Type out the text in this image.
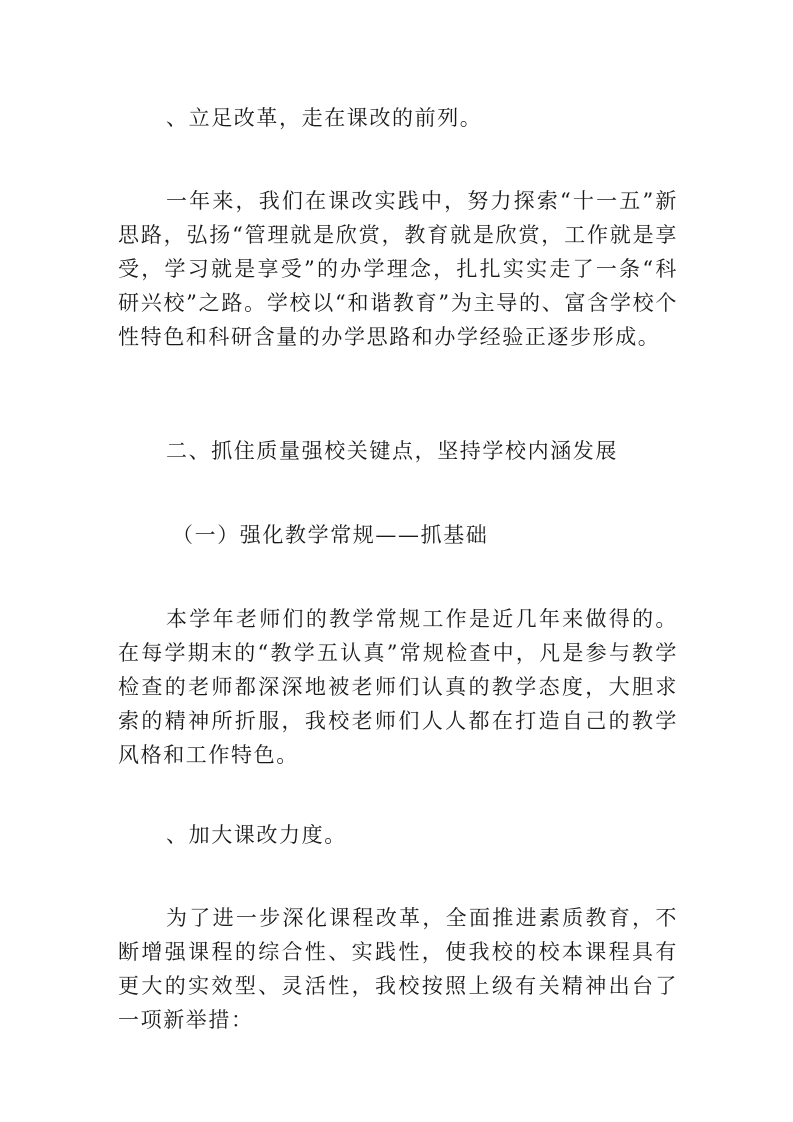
、立足改革，走在课改的前列。
一年来，我们在课改实践中，努力探索“十一五”新思路，弘扬“管理就是欣赏，教育就是欣赏，工作就是享受，学习就是享受”的办学理念，扎扎实实走了一条“科研兴校”之路。学校以“和谐教育”为主导的、富含学校个性特色和科研含量的办学思路和办学经验正逐步形成。
二、抓住质量强校关键点，坚持学校内涵发展
（一）强化教学常规——抓基础
本学年老师们的教学常规工作是近几年来做得的。在每学期末的“教学五认真”常规检查中，凡是参与教学检查的老师都深深地被老师们认真的教学态度，大胆求索的精神所折服，我校老师们人人都在打造自己的教学风格和工作特色。
、加大课改力度。
为了进一步深化课程改革，全面推进素质教育，不断增强课程的综合性、实践性，使我校的校本课程具有更大的实效型、灵活性，我校按照上级有关精神出台了一项新举措：
